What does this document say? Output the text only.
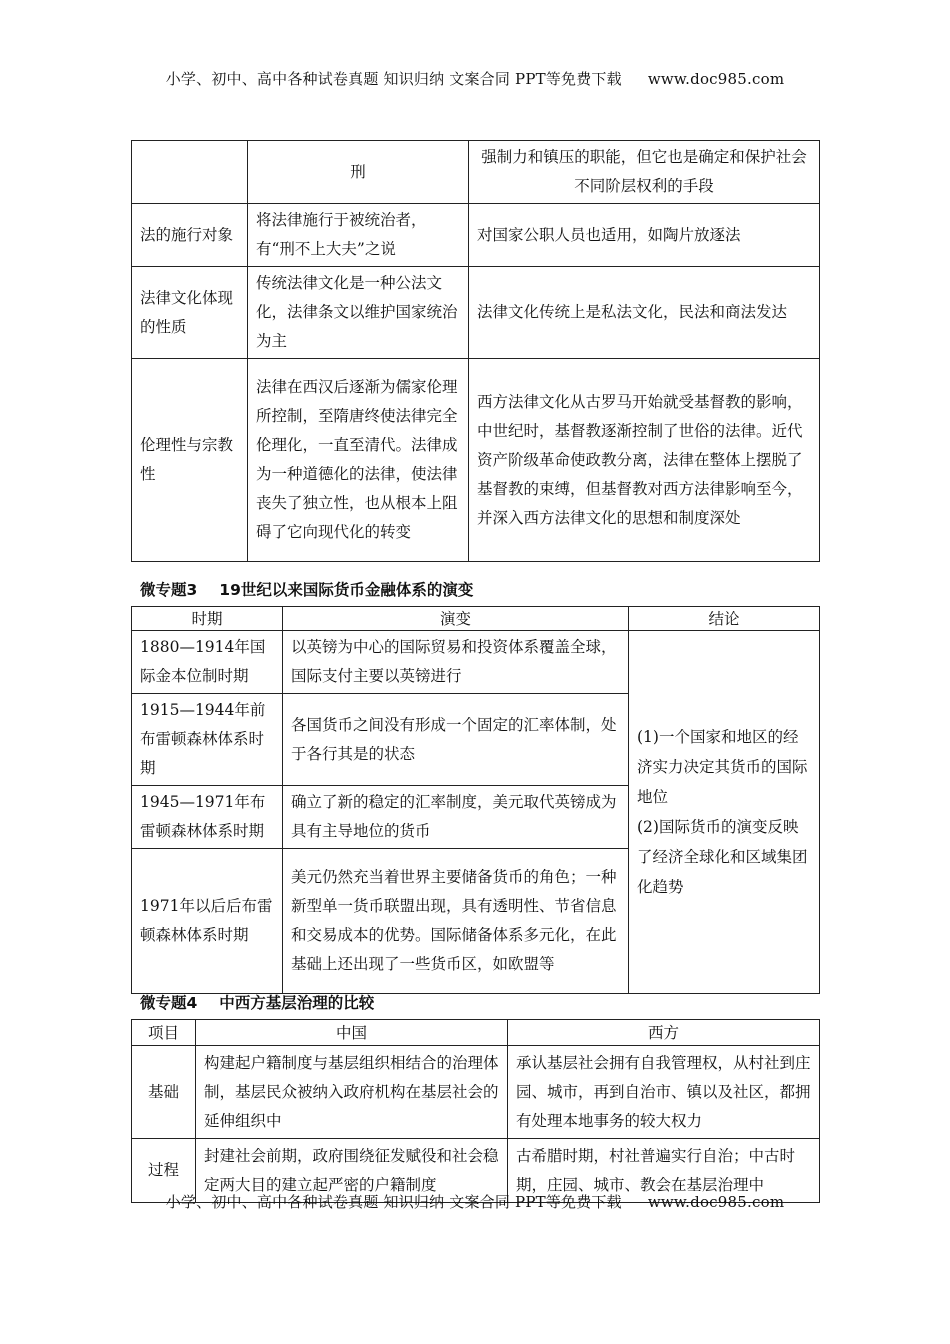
小学、初中、高中各种试卷真题 知识归纳 文案合同 PPT等免费下载 www.doc985.com
	刑	强制力和镇压的职能，但它也是确定和保护社会不同阶层权利的手段
法的施行对象	将法律施行于被统治者，有“刑不上大夫”之说	对国家公职人员也适用，如陶片放逐法
法律文化体现的性质	传统法律文化是一种公法文化，法律条文以维护国家统治为主	法律文化传统上是私法文化，民法和商法发达
伦理性与宗教性	法律在西汉后逐渐为儒家伦理所控制，至隋唐终使法律完全伦理化，一直至清代。法律成为一种道德化的法律，使法律丧失了独立性，也从根本上阻碍了它向现代化的转变	西方法律文化从古罗马开始就受基督教的影响，中世纪时，基督教逐渐控制了世俗的法律。近代资产阶级革命使政教分离，法律在整体上摆脱了基督教的束缚，但基督教对西方法律影响至今，并深入西方法律文化的思想和制度深处
微专题3 19世纪以来国际货币金融体系的演变
时期	演变	结论
1880—1914年国际金本位制时期	以英镑为中心的国际贸易和投资体系覆盖全球，国际支付主要以英镑进行	(1)一个国家和地区的经济实力决定其货币的国际地位
(2)国际货币的演变反映了经济全球化和区域集团化趋势

1915—1944年前布雷顿森林体系时期	各国货币之间没有形成一个固定的汇率体制，处于各行其是的状态	
1945—1971年布雷顿森林体系时期	确立了新的稳定的汇率制度，美元取代英镑成为具有主导地位的货币	
1971年以后后布雷顿森林体系时期	美元仍然充当着世界主要储备货币的角色；一种新型单一货币联盟出现，具有透明性、节省信息和交易成本的优势。国际储备体系多元化，在此基础上还出现了一些货币区，如欧盟等	
微专题4 中西方基层治理的比较
项目	中国	西方
基础	构建起户籍制度与基层组织相结合的治理体制，基层民众被纳入政府机构在基层社会的延伸组织中	承认基层社会拥有自我管理权，从村社到庄园、城市，再到自治市、镇以及社区，都拥有处理本地事务的较大权力
过程	封建社会前期，政府围绕征发赋役和社会稳定两大目的建立起严密的户籍制度	古希腊时期，村社普遍实行自治；中古时期，庄园、城市、教会在基层治理中
小学、初中、高中各种试卷真题 知识归纳 文案合同 PPT等免费下载 www.doc985.com
